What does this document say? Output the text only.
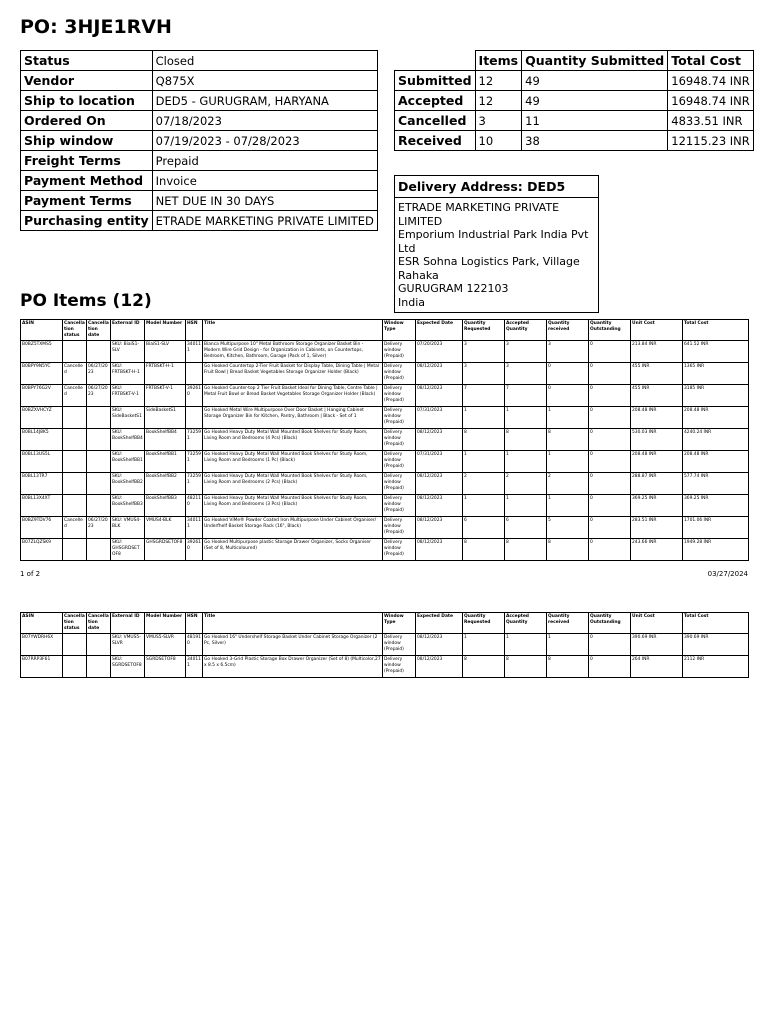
PO: 3HJE1RVH
Status	Closed
Vendor	Q875X
Ship to location	DED5 - GURUGRAM, HARYANA
Ordered On	07/18/2023
Ship window	07/19/2023 - 07/28/2023
Freight Terms	Prepaid
Payment Method	Invoice
Payment Terms	NET DUE IN 30 DAYS
Purchasing entity	ETRADE MARKETING PRIVATE LIMITED
	Items	Quantity Submitted	Total Cost
Submitted	12	49	16948.74 INR
Accepted	12	49	16948.74 INR
Cancelled	3	11	4833.51 INR
Received	10	38	12115.23 INR
Delivery Address: DED5
ETRADE MARKETING PRIVATE LIMITED
Emporium Industrial Park India Pvt Ltd
ESR Sohna Logistics Park, Village Rahaka
GURUGRAM 122103
India
PO Items (12)
ASIN	Cancellation status	Cancellation date	External ID	Model Number	HSN	Title	Window Type	Expected Date	Quantity Requested	Accepted Quantity	Quantity received	Quantity Outstanding	Unit Cost	Total Cost
B0BZ5TXMS5			SKU: BiaiS1-SLV	BiaiS1-SLV	340111	Bianca Multipurpose 10" Metal Bathroom Storage Organizer Basket Bin - Modern Wire Grid Design - for Organization in Cabinets, on Countertops, Bedroom, Kitchen, Bathroom, Garage (Pack of 1, Silver)	Delivery window (Prepaid)	07/20/2023	3	3	3	0	213.84 INR	641.52 INR
B0BPY9N5YC	Cancelled	06/27/2023	SKU: FRTBSKT-H-1	FRTBSKT-H-1		Go Hooked Countertop 2-Tier Fruit Basket for Display Table, Dining Table | Metal Fruit Bowl | Bread Basket Vegetables Storage Organizer Holder (Black)	Delivery window (Prepaid)	08/12/2023	3	3	0	0	455 INR	1365 INR
B0BPY76G2V	Cancelled	06/27/2023	SKU: FRTBSKT-V-1	FRTBSKT-V-1	392610	Go Hooked Counter-top 2 Tier Fruit Basket Ideal for Dining Table, Centre Table | Metal Fruit Bowl or Bread Basket Vegetables Storage Organizer Holder (Black)	Delivery window (Prepaid)	08/12/2023	7	7	0	0	455 INR	3185 INR
B0BZXVHCYZ			SKU: SideBasketS1	SideBasketS1		Go Hooked Metal Wire Multipurpose Over Door Basket | Hanging Cabinet Storage Organizer Bin for Kitchen, Pantry, Bathroom | Black - Set of 1	Delivery window (Prepaid)	07/31/2023	1	1	1	0	208.48 INR	208.48 INR
B0BL14J8K5			SKU: BookShelfBB4	BookShelfBB4	732591	Go Hooked Heavy Duty Metal Wall Mounted Book Shelves for Study Room, Living Room and Bedrooms (4 Pcs) (Black)	Delivery window (Prepaid)	08/12/2023	8	8	8	0	530.03 INR	4240.24 INR
B0BL13US5L			SKU: BookShelfBB1	BookShelfBB1	732591	Go Hooked Heavy Duty Metal Wall Mounted Book Shelves for Study Room, Living Room and Bedrooms (1 Pc) (Black)	Delivery window (Prepaid)	07/31/2023	1	1	1	0	208.48 INR	208.48 INR
B0BL13TR7			SKU: BookShelfBB2	BookShelfBB2	732591	Go Hooked Heavy Duty Metal Wall Mounted Book Shelves for Study Room, Living Room and Bedrooms (2 Pcs) (Black)	Delivery window (Prepaid)	08/12/2023	2	2	2	0	288.87 INR	577.74 INR
B0BL13X4XT			SKU: BookShelfBB3	BookShelfBB3	482110	Go Hooked Heavy Duty Metal Wall Mounted Book Shelves for Study Room, Living Room and Bedrooms (3 Pcs) (Black)	Delivery window (Prepaid)	08/12/2023	1	1	1	0	369.25 INR	369.25 INR
B0BZ9TDV76	Cancelled	06/27/2023	SKU: VMUS4-BLK	VMUS4-BLK	340111	Go Hooked ViMe® Powder Coated Iron Multipurpose Under Cabinet Organiser/ Underfhelf Basket Storage Rack (16", Black)	Delivery window (Prepaid)	08/12/2023	6	6	5	0	283.51 INR	1701.06 INR
B07ZLQZSK9			SKU: GHSGRDSETOF8	GHSGRDSETOF8	392610	Go Hooked Multipurpose plastic Storage Drawer Organizer, Socks Organiser (Set of 8, Multicoloured)	Delivery window (Prepaid)	08/12/2023	8	8	8	0	243.66 INR	1949.28 INR
1 of 2	03/27/2024
ASIN	Cancellation status	Cancellation date	External ID	Model Number	HSN	Title	Window Type	Expected Date	Quantity Requested	Accepted Quantity	Quantity received	Quantity Outstanding	Unit Cost	Total Cost
B07YWDRH6X			SKU: VMUS5-SLVR	VMUS5-SLVR	481910	Go Hooked 16" Undershelf Storage Basket Under Cabinet Storage Organizer (2 Pc, Silver)	Delivery window (Prepaid)	08/12/2023	1	1	1	0	390.69 INR	390.69 INR
B07RRP3F61			SKU: SGRDSETOF8	SGRDSETOF8	340111	Go Hooked 3-Grid Plastic Storage Box Drawer Organizer (Set of 8) (Multicolor,27 x 8.5 x 6.5cm)	Delivery window (Prepaid)	08/12/2023	8	8	8	0	264 INR	2112 INR
